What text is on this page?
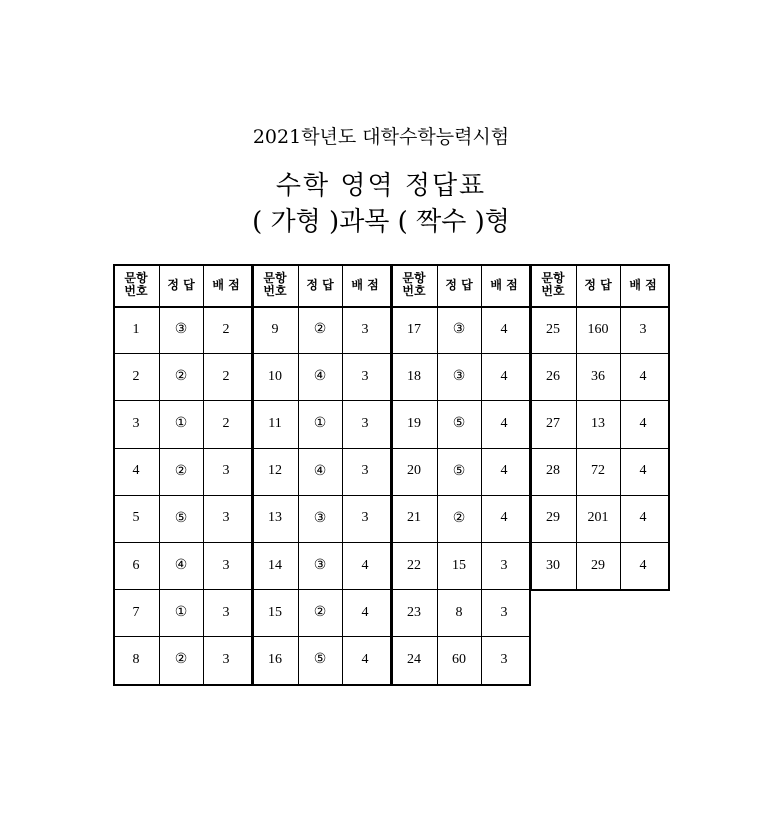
2021학년도 대학수학능력시험
수학 영역 정답표
( 가형 )과목 ( 짝수 )형
문항
번호	정 답	배 점
1	③	2
2	②	2
3	①	2
4	②	3
5	⑤	3
6	④	3
7	①	3
8	②	3
문항
번호	정 답	배 점
9	②	3
10	④	3
11	①	3
12	④	3
13	③	3
14	③	4
15	②	4
16	⑤	4
문항
번호	정 답	배 점
17	③	4
18	③	4
19	⑤	4
20	⑤	4
21	②	4
22	15	3
23	8	3
24	60	3
문항
번호	정 답	배 점
25	160	3
26	36	4
27	13	4
28	72	4
29	201	4
30	29	4
